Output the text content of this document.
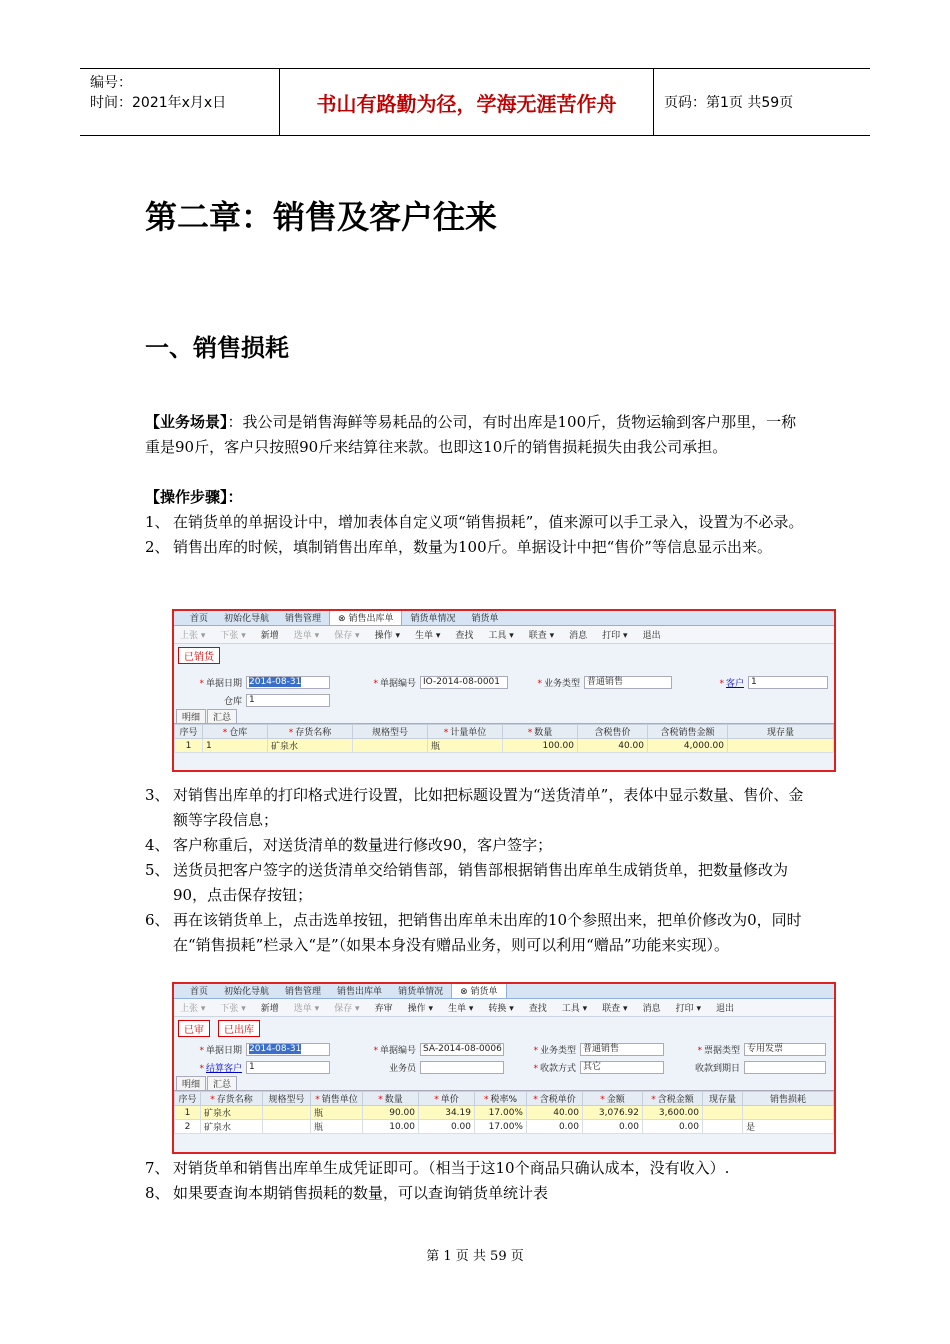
编号：
时间：2021年x月x日	书山有路勤为径，学海无涯苦作舟	页码：第1页 共59页
第二章：销售及客户往来
一、销售损耗
【业务场景】：我公司是销售海鲜等易耗品的公司，有时出库是100斤，货物运输到客户那里，一称重是90斤，客户只按照90斤来结算往来款。也即这10斤的销售损耗损失由我公司承担。
【操作步骤】：
1、 在销货单的单据设计中，增加表体自定义项“销售损耗”，值来源可以手工录入，设置为不必录。
2、 销售出库的时候，填制销售出库单，数量为100斤。单据设计中把“售价”等信息显示出来。
首页	初始化导航	销售管理	⊗ 销售出库单	销货单情况	销货单
上张 ▾ 下张 ▾ 新增 选单 ▾ 保存 ▾ 操作 ▾ 生单 ▾ 查找 工具 ▾ 联查 ▾ 消息 打印 ▾ 退出
已销货
* 单据日期 2014-08-31	* 单据编号 IO-2014-08-0001	* 业务类型 普通销售	* 客户 1
仓库 1
明细	汇总
序号	* 仓库	* 存货名称	规格型号	* 计量单位	* 数量	含税售价	含税销售金额	现存量
1	1	矿泉水		瓶	100.00	40.00	4,000.00	
3、 对销售出库单的打印格式进行设置，比如把标题设置为“送货清单”，表体中显示数量、售价、金额等字段信息；
4、 客户称重后，对送货清单的数量进行修改90，客户签字；
5、 送货员把客户签字的送货清单交给销售部，销售部根据销售出库单生成销货单，把数量修改为90，点击保存按钮；
6、 再在该销货单上，点击选单按钮，把销售出库单未出库的10个参照出来，把单价修改为0，同时在“销售损耗”栏录入“是”（如果本身没有赠品业务，则可以利用“赠品”功能来实现）。
首页	初始化导航	销售管理	销售出库单	销货单情况	⊗ 销货单
上张 ▾ 下张 ▾ 新增 选单 ▾ 保存 ▾ 弃审 操作 ▾ 生单 ▾ 转换 ▾ 查找 工具 ▾ 联查 ▾ 消息 打印 ▾ 退出
已审	已出库
* 单据日期 2014-08-31	* 单据编号 SA-2014-08-0006	* 业务类型 普通销售	* 票据类型 专用发票
* 结算客户 1	业务员	* 收款方式 其它	收款到期日
明细	汇总
序号	* 存货名称	规格型号	* 销售单位	* 数量	* 单价	* 税率%	* 含税单价	* 金额	* 含税金额	现存量	销售损耗
1	矿泉水		瓶	90.00	34.19	17.00%	40.00	3,076.92	3,600.00		
2	矿泉水		瓶	10.00	0.00	17.00%	0.00	0.00	0.00		是
7、 对销货单和销售出库单生成凭证即可。（相当于这10个商品只确认成本，没有收入）.
8、 如果要查询本期销售损耗的数量，可以查询销货单统计表
第 1 页 共 59 页
